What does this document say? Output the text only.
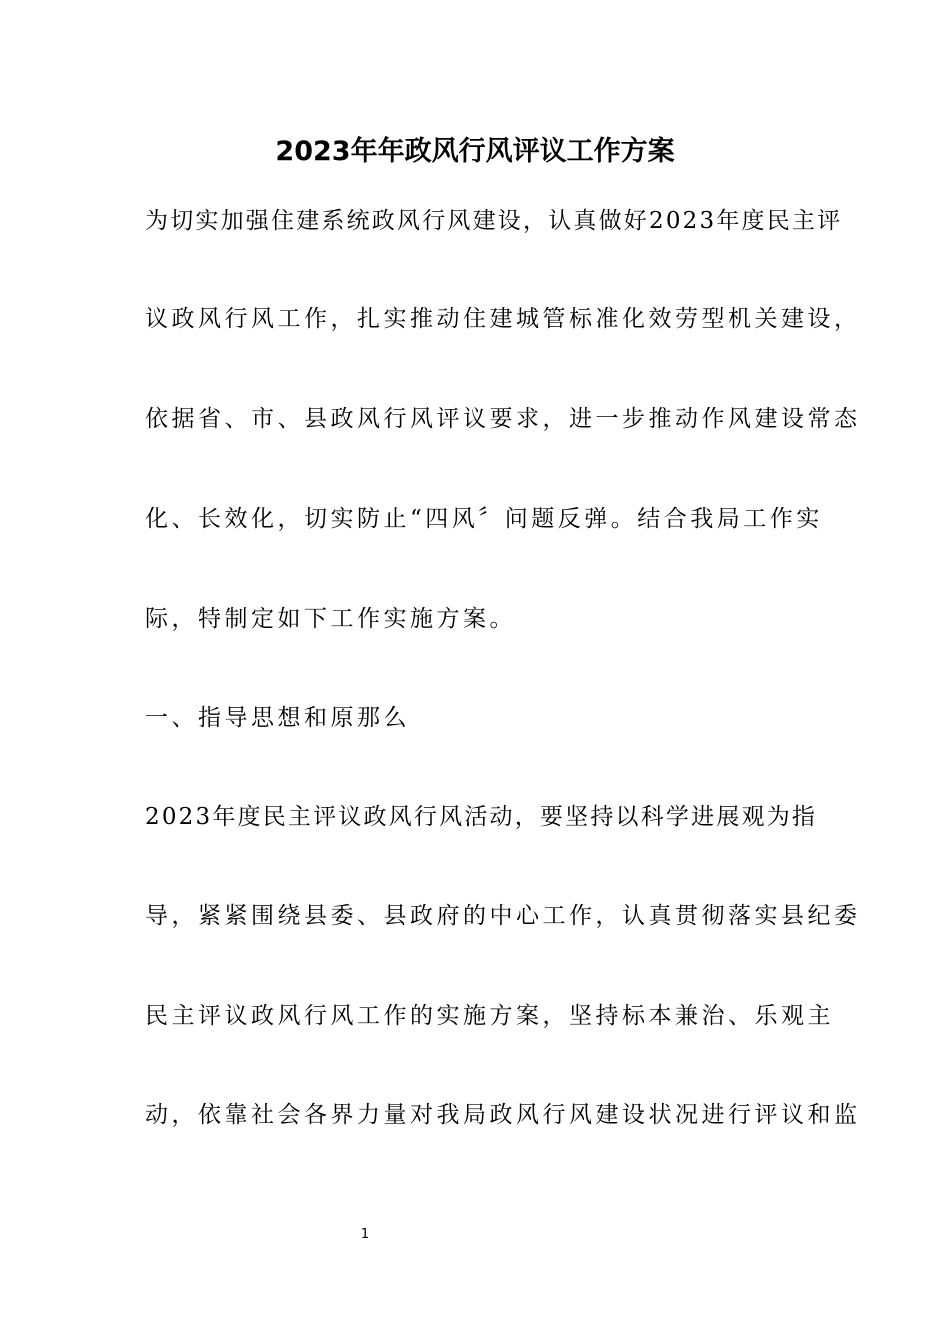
2023年年政风行风评议工作方案
为切实加强住建系统政风行风建设，认真做好2023年度民主评
议政风行风工作，扎实推动住建城管标准化效劳型机关建设，
依据省、市、县政风行风评议要求，进一步推动作风建设常态
化、长效化，切实防止“四风〞问题反弹。结合我局工作实
际，特制定如下工作实施方案。
一、指导思想和原那么
2023年度民主评议政风行风活动，要坚持以科学进展观为指
导，紧紧围绕县委、县政府的中心工作，认真贯彻落实县纪委
民主评议政风行风工作的实施方案，坚持标本兼治、乐观主
动，依靠社会各界力量对我局政风行风建设状况进行评议和监
1
